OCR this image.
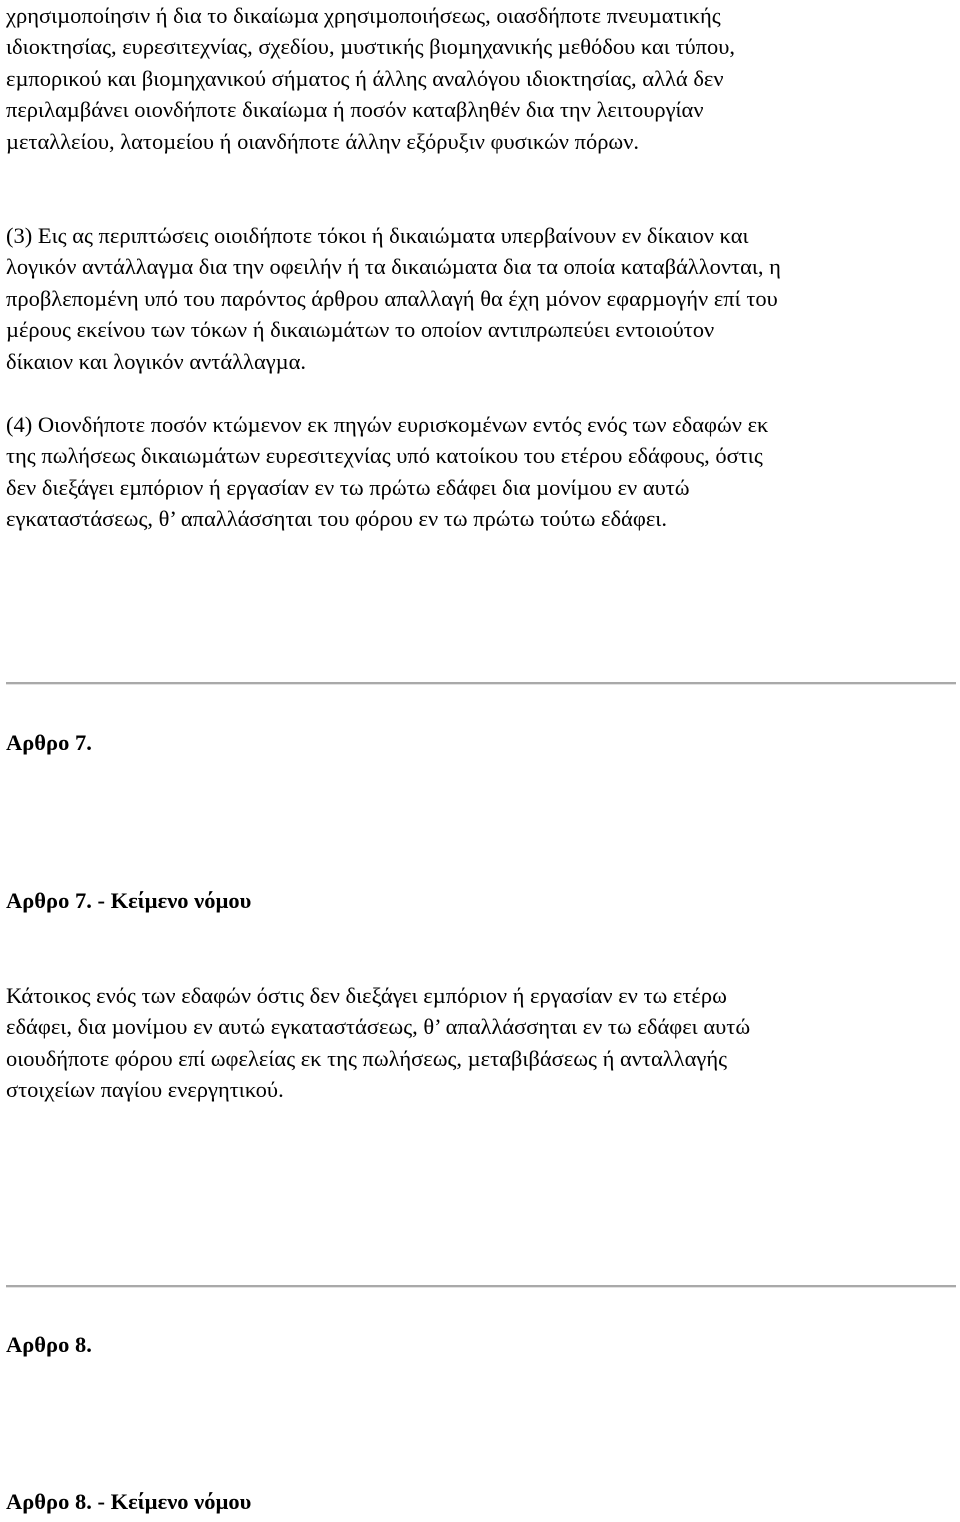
χρησιµοποίησιν ή δια το δικαίωµα χρησιµοποιήσεως, οιασδήποτε πνευµατικής
ιδιοκτησίας, ευρεσιτεχνίας, σχεδίου, µυστικής βιοµηχανικής µεθόδου και τύπου,
εµπορικού και βιοµηχανικού σήµατος ή άλλης αναλόγου ιδιοκτησίας, αλλά δεν
περιλαµβάνει οιονδήποτε δικαίωµα ή ποσόν καταβληθέν δια την λειτουργίαν
µεταλλείου, λατοµείου ή οιανδήποτε άλλην εξόρυξιν φυσικών πόρων.

(3) Εις ας περιπτώσεις οιοιδήποτε τόκοι ή δικαιώµατα υπερβαίνουν εν δίκαιον και
λογικόν αντάλλαγµα δια την οφειλήν ή τα δικαιώµατα δια τα οποία καταβάλλονται, η
προβλεποµένη υπό του παρόντος άρθρου απαλλαγή θα έχη µόνον εφαρµογήν επί του
µέρους εκείνου των τόκων ή δικαιωµάτων το οποίον αντιπρωπεύει εντοιούτον
δίκαιον και λογικόν αντάλλαγµα.

(4) Οιονδήποτε ποσόν κτώµενον εκ πηγών ευρισκοµένων εντός ενός των εδαφών εκ
της πωλήσεως δικαιωµάτων ευρεσιτεχνίας υπό κατοίκου του ετέρου εδάφους, όστις
δεν διεξάγει εµπόριον ή εργασίαν εν τω πρώτω εδάφει δια µονίµου εν αυτώ
εγκαταστάσεως, θ’ απαλλάσσηται του φόρου εν τω πρώτω τούτω εδάφει.

Αρθρο 7.
Αρθρο 7. - Κείµενο νόµου

Κάτοικος ενός των εδαφών όστις δεν διεξάγει εµπόριον ή εργασίαν εν τω ετέρω
εδάφει, δια µονίµου εν αυτώ εγκαταστάσεως, θ’ απαλλάσσηται εν τω εδάφει αυτώ
οιουδήποτε φόρου επί ωφελείας εκ της πωλήσεως, µεταβιβάσεως ή ανταλλαγής
στοιχείων παγίου ενεργητικού.

Αρθρο 8.
Αρθρο 8. - Κείµενο νόµου
